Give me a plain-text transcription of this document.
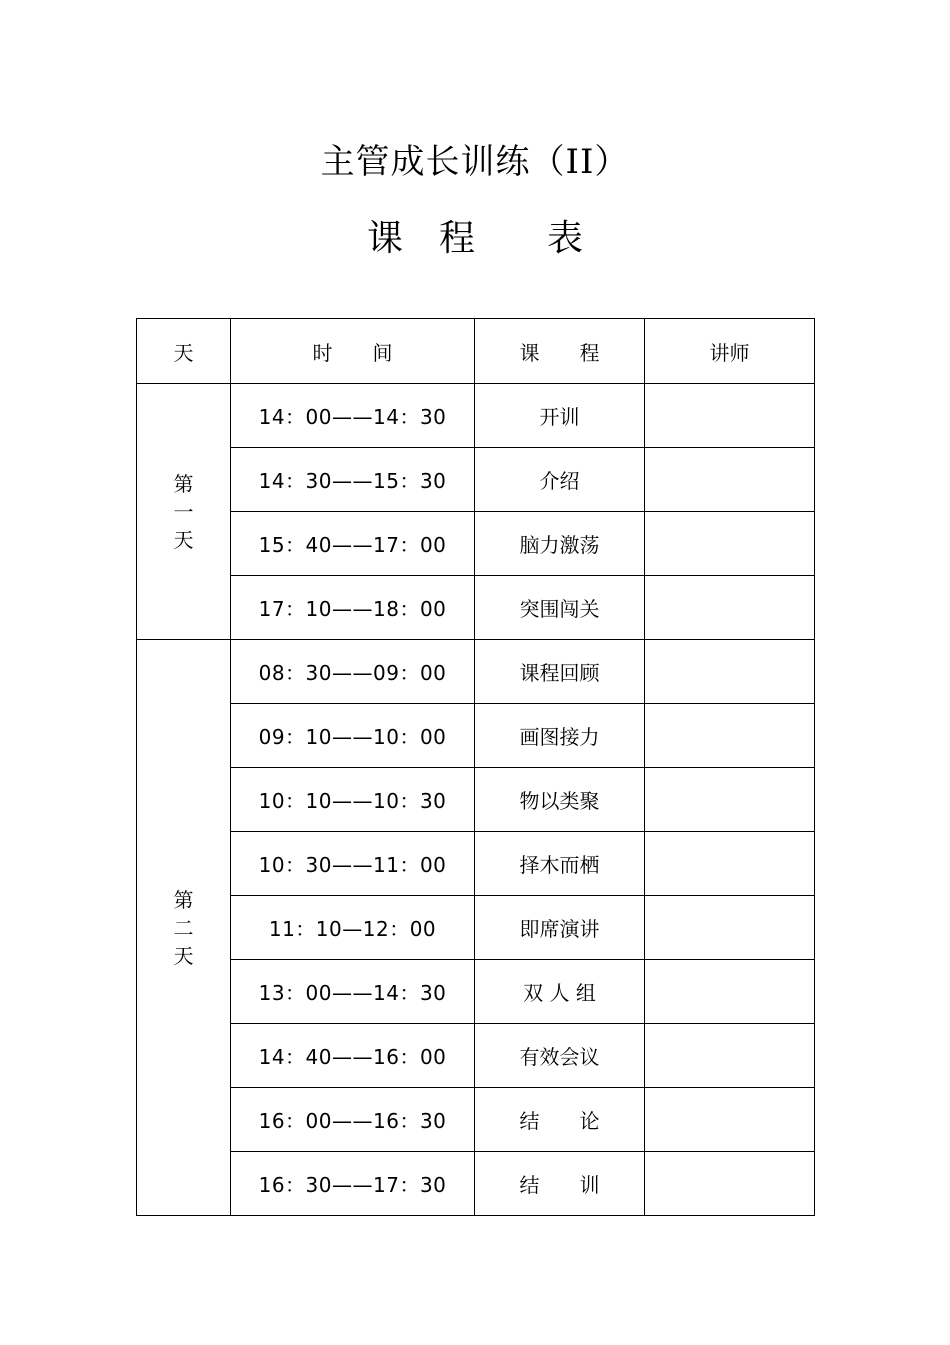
主管成长训练（II）
课　程　　表
天	时　　间	课　　程	讲师

第
一
天	14：00——14：30	开训	
	14：30——15：30	介绍	
	15：40——17：00	脑力激荡	
	17：10——18：00	突围闯关	

第
二
天	08：30——09：00	课程回顾	
	09：10——10：00	画图接力	
	10：10——10：30	物以类聚	
	10：30——11：00	择木而栖	
	11：10—12：00	即席演讲	
	13：00——14：30	双 人 组	
	14：40——16：00	有效会议	
	16：00——16：30	结　　论	
	16：30——17：30	结　　训	
